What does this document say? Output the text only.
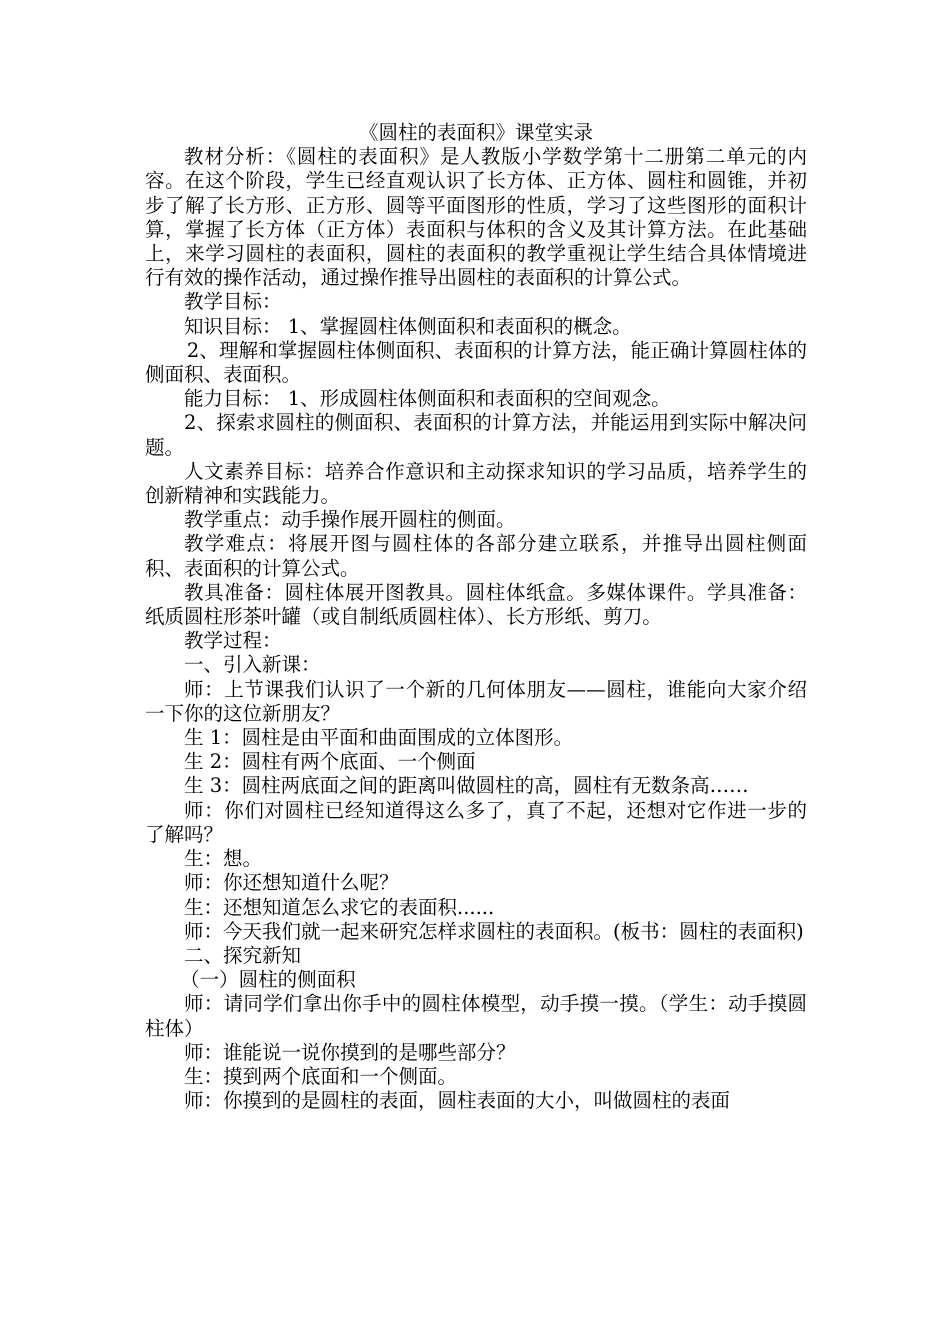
《圆柱的表面积》课堂实录

教材分析：《圆柱的表面积》是人教版小学数学第十二册第二单元的内容。在这个阶段，学生已经直观认识了长方体、正方体、圆柱和圆锥，并初步了解了长方形、正方形、圆等平面图形的性质，学习了这些图形的面积计算，掌握了长方体（正方体）表面积与体积的含义及其计算方法。在此基础上，来学习圆柱的表面积，圆柱的表面积的教学重视让学生结合具体情境进行有效的操作活动，通过操作推导出圆柱的表面积的计算公式。

教学目标：

知识目标： 1、掌握圆柱体侧面积和表面积的概念。

2、理解和掌握圆柱体侧面积、表面积的计算方法，能正确计算圆柱体的侧面积、表面积。

能力目标： 1、形成圆柱体侧面积和表面积的空间观念。

2、探索求圆柱的侧面积、表面积的计算方法，并能运用到实际中解决问题。

人文素养目标：培养合作意识和主动探求知识的学习品质，培养学生的创新精神和实践能力。

教学重点：动手操作展开圆柱的侧面。

教学难点：将展开图与圆柱体的各部分建立联系，并推导出圆柱侧面积、表面积的计算公式。

教具准备：圆柱体展开图教具。圆柱体纸盒。多媒体课件。学具准备：纸质圆柱形茶叶罐（或自制纸质圆柱体）、长方形纸、剪刀。

教学过程：

一、引入新课：

师：上节课我们认识了一个新的几何体朋友——圆柱，谁能向大家介绍一下你的这位新朋友？

生 1：圆柱是由平面和曲面围成的立体图形。

生 2：圆柱有两个底面、一个侧面

生 3：圆柱两底面之间的距离叫做圆柱的高，圆柱有无数条高……

师：你们对圆柱已经知道得这么多了，真了不起，还想对它作进一步的了解吗？

生：想。

师：你还想知道什么呢？

生：还想知道怎么求它的表面积......

师：今天我们就一起来研究怎样求圆柱的表面积。(板书：圆柱的表面积)

二、探究新知

（一）圆柱的侧面积

师：请同学们拿出你手中的圆柱体模型，动手摸一摸。（学生：动手摸圆柱体）

师：谁能说一说你摸到的是哪些部分？

生：摸到两个底面和一个侧面。

师：你摸到的是圆柱的表面，圆柱表面的大小，叫做圆柱的表面
